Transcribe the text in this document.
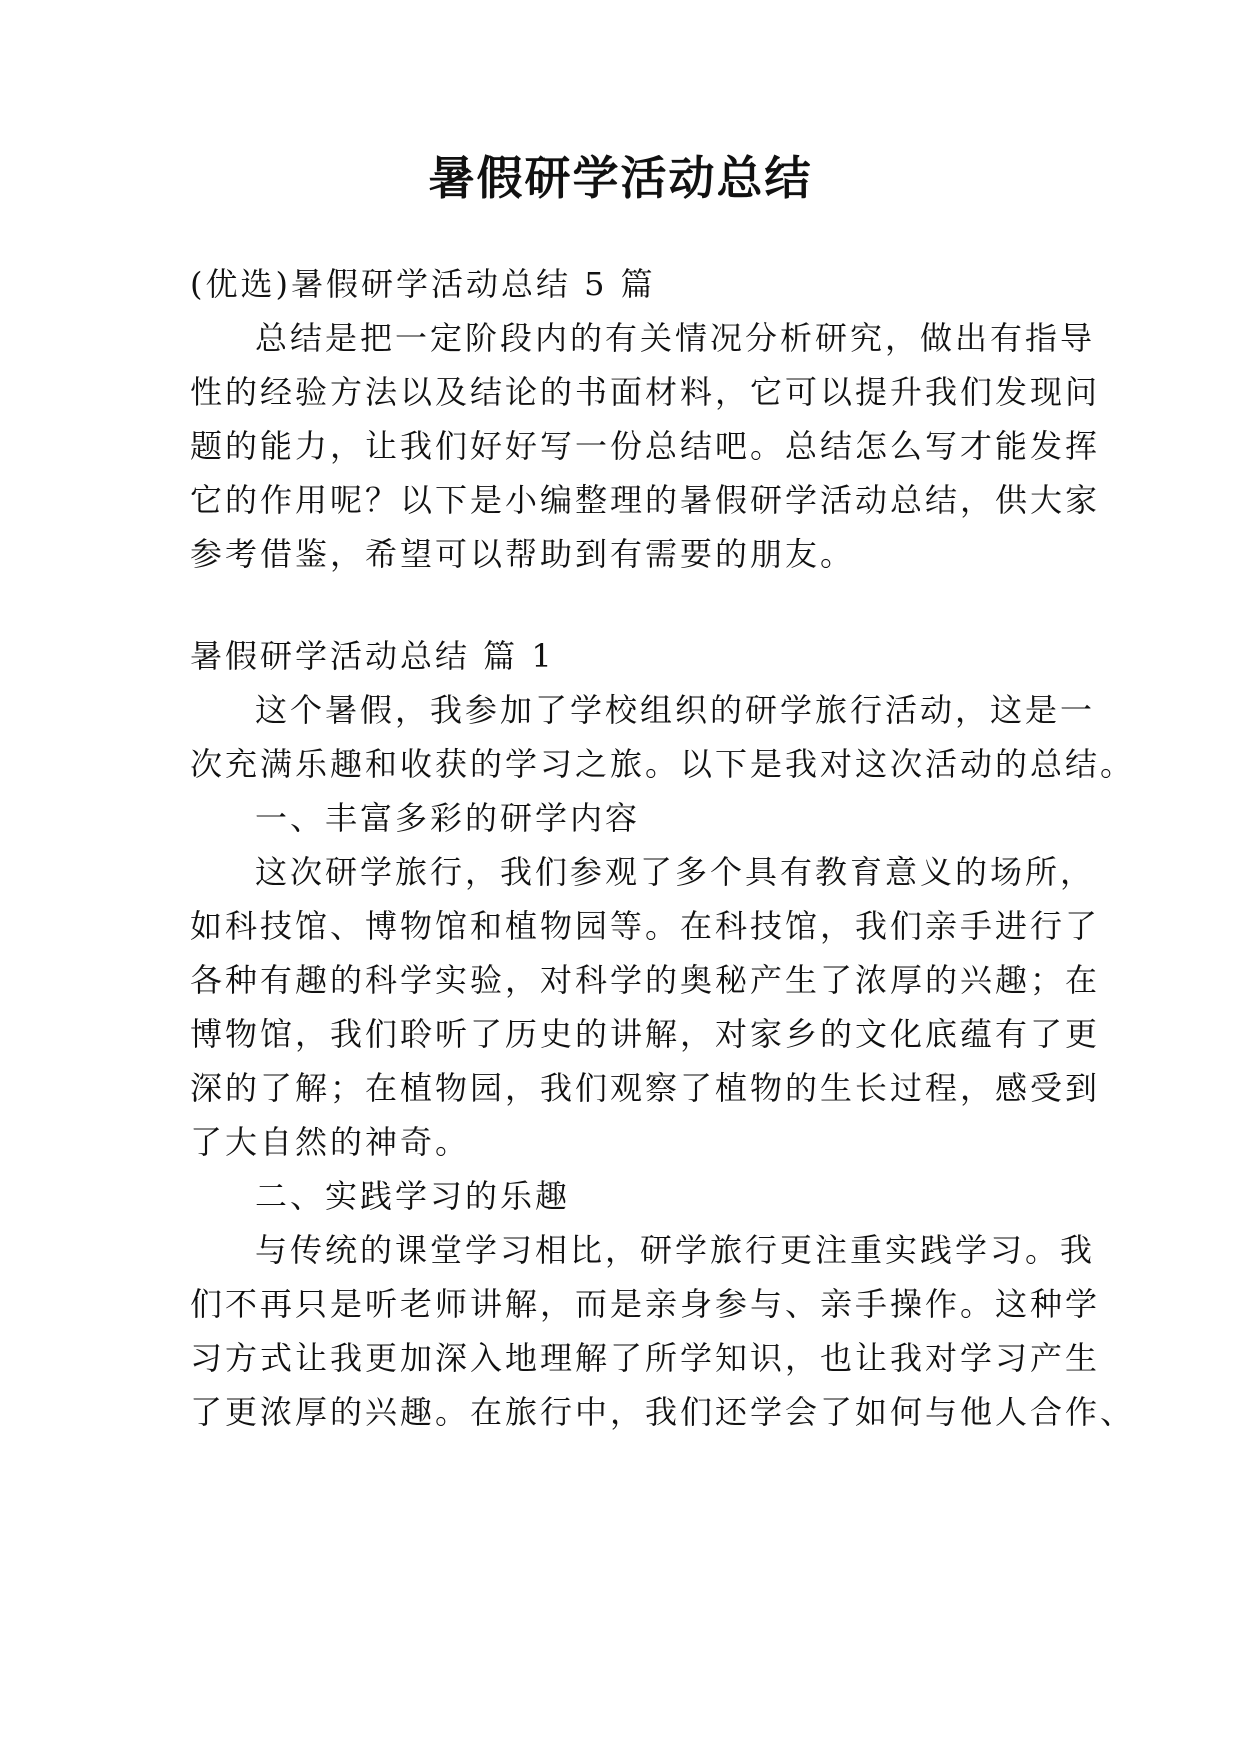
暑假研学活动总结
(优选)暑假研学活动总结 5 篇
总结是把一定阶段内的有关情况分析研究，做出有指导
性的经验方法以及结论的书面材料，它可以提升我们发现问
题的能力，让我们好好写一份总结吧。总结怎么写才能发挥
它的作用呢？以下是小编整理的暑假研学活动总结，供大家
参考借鉴，希望可以帮助到有需要的朋友。
暑假研学活动总结 篇 1
这个暑假，我参加了学校组织的研学旅行活动，这是一
次充满乐趣和收获的学习之旅。以下是我对这次活动的总结。
一、丰富多彩的研学内容
这次研学旅行，我们参观了多个具有教育意义的场所，
如科技馆、博物馆和植物园等。在科技馆，我们亲手进行了
各种有趣的科学实验，对科学的奥秘产生了浓厚的兴趣；在
博物馆，我们聆听了历史的讲解，对家乡的文化底蕴有了更
深的了解；在植物园，我们观察了植物的生长过程，感受到
了大自然的神奇。
二、实践学习的乐趣
与传统的课堂学习相比，研学旅行更注重实践学习。我
们不再只是听老师讲解，而是亲身参与、亲手操作。这种学
习方式让我更加深入地理解了所学知识，也让我对学习产生
了更浓厚的兴趣。在旅行中，我们还学会了如何与他人合作、
